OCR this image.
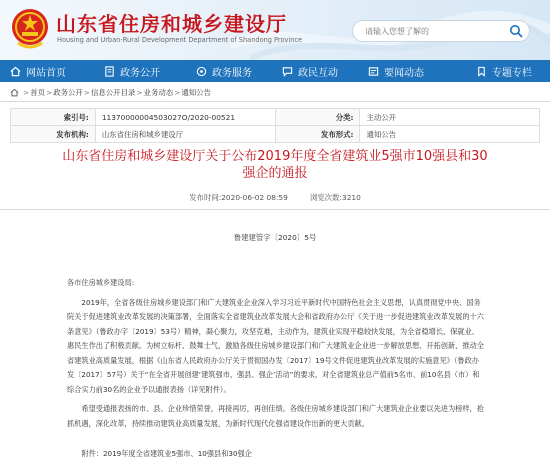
山东省住房和城乡建设厅
Housing and Urban-Rural Development Department of Shandong Province
请输入您想了解的
网站首页	政务公开	政务服务	政民互动	要闻动态	专题专栏
> 首页 > 政务公开 > 信息公开目录 > 业务动态 > 通知公告
索引号:	11370000004503027O/2020-00521	分类:	主动公开
发布机构:	山东省住房和城乡建设厅	发布形式:	通知公告
山东省住房和城乡建设厅关于公布2019年度全省建筑业5强市10强县和30强企的通报
发布时间:2020-06-02 08:59　　　浏览次数:3210
鲁建建管字〔2020〕5号

各市住房城乡建设局:

2019年，全省各级住房城乡建设部门和广大建筑业企业深入学习习近平新时代中国特色社会主义思想，认真贯彻党中央、国务院关于促进建筑业改革发展的决策部署，全面落实全省建筑业改革发展大会和省政府办公厅《关于进一步促进建筑业改革发展的十六条意见》（鲁政办字〔2019〕53号）精神，凝心聚力，攻坚克难，主动作为，建筑业实现平稳较快发展，为全省稳增长、保就业、惠民生作出了积极贡献。为树立标杆、鼓舞士气，激励各级住房城乡建设部门和广大建筑业企业进一步解放思想、开拓创新，推动全省建筑业高质量发展，根据《山东省人民政府办公厅关于贯彻国办发〔2017〕19号文件促进建筑业改革发展的实施意见》（鲁政办发〔2017〕57号）关于“在全省开展创建‘建筑强市、强县、强企’活动”的要求，对全省建筑业总产值前5名市、前10名县（市）和综合实力前30名的企业予以通报表扬（详见附件）。

希望受通报表扬的市、县、企业珍惜荣誉，再接再厉，再创佳绩。各级住房城乡建设部门和广大建筑业企业要以先进为榜样，抢抓机遇，深化改革，持续推动建筑业高质量发展，为新时代现代化强省建设作出新的更大贡献。

附件：2019年度全省建筑业5强市、10强县和30强企
